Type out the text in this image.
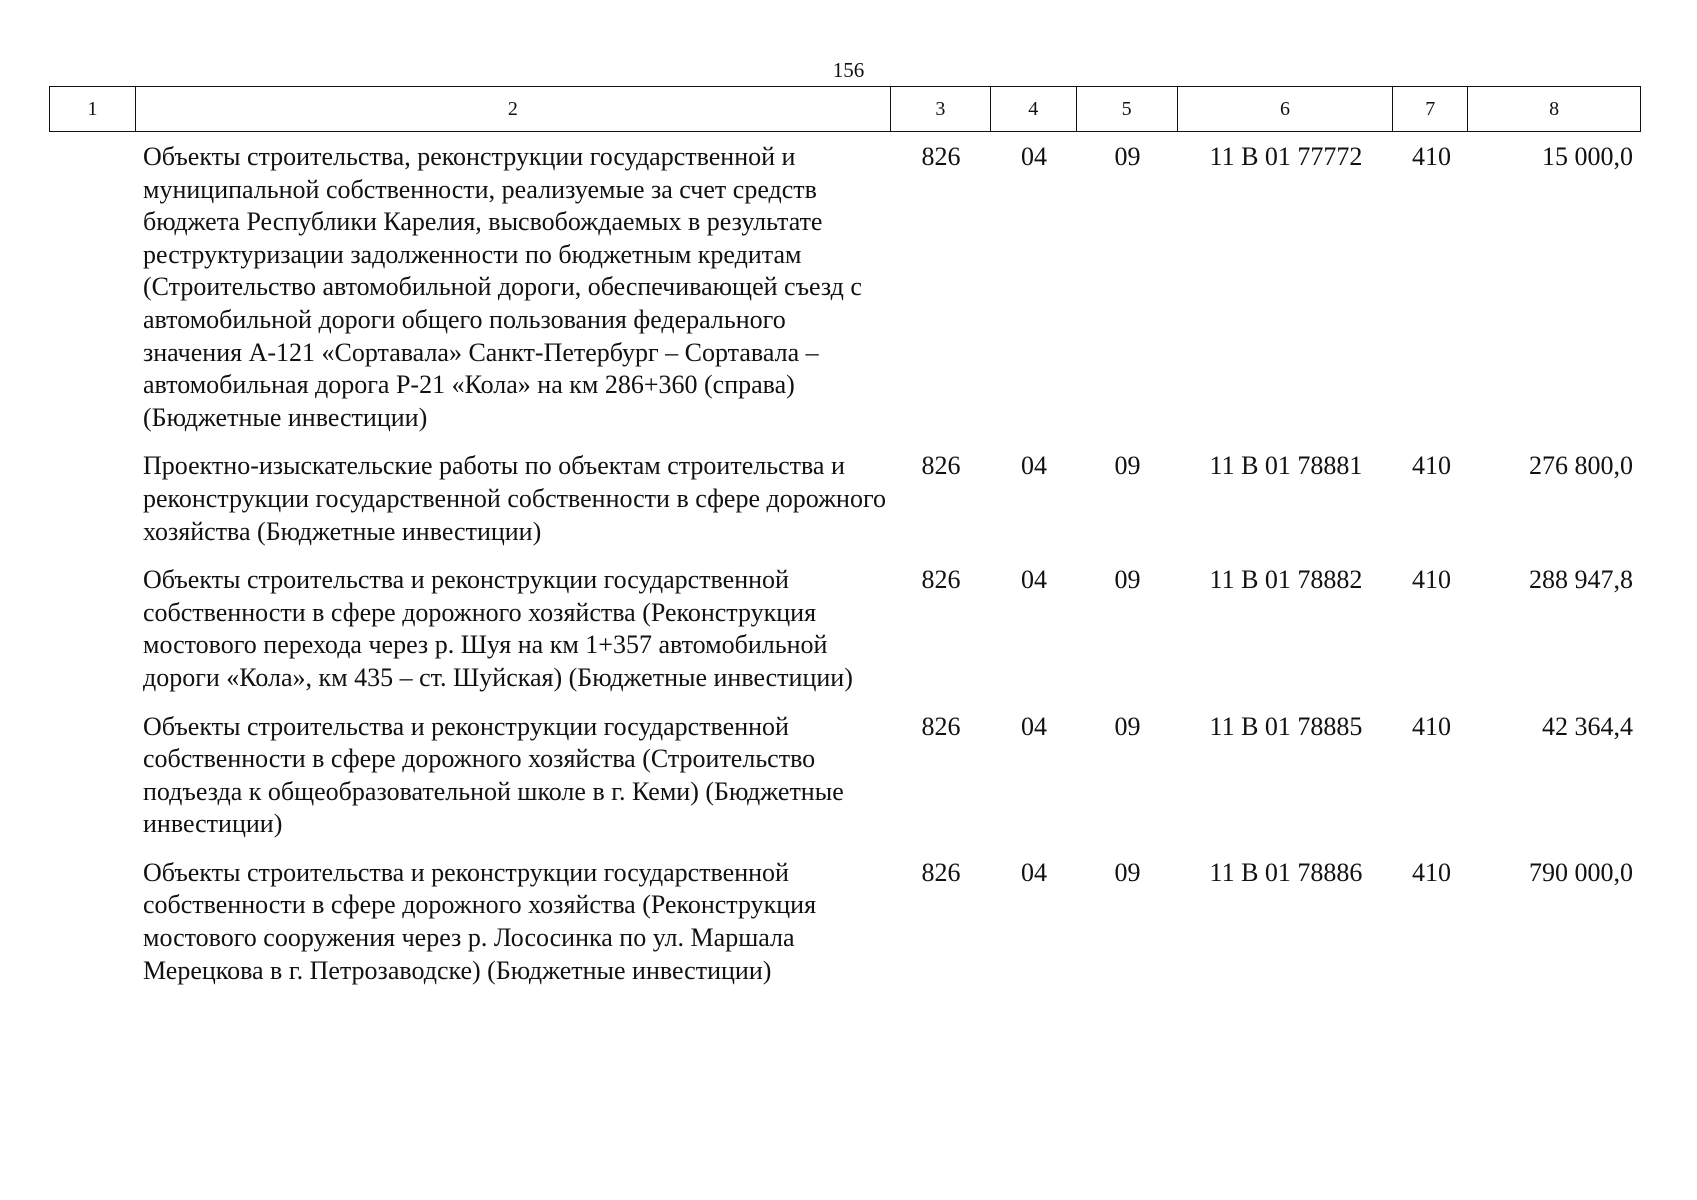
156
1	2	3	4	5	6	7	8
Объекты строительства, реконструкции государственной и муниципальной собственности, реализуемые за счет средств бюджета Республики Карелия, высвобождаемых в результате реструктуризации задолженности по бюджетным кредитам (Строительство автомобильной дороги, обеспечивающей съезд с автомобильной дороги общего пользования федерального значения А-121 «Сортавала» Санкт-Петербург – Сортавала – автомобильная дорога Р-21 «Кола» на км 286+360 (справа) (Бюджетные инвестиции)
826	04	09	11 В 01 77772	410	15 000,0
Проектно-изыскательские работы по объектам строительства и реконструкции государственной собственности в сфере дорожного хозяйства (Бюджетные инвестиции)
826	04	09	11 В 01 78881	410	276 800,0
Объекты строительства и реконструкции государственной собственности в сфере дорожного хозяйства (Реконструкция мостового перехода через р. Шуя на км 1+357 автомобильной дороги «Кола», км 435 – ст. Шуйская) (Бюджетные инвестиции)
826	04	09	11 В 01 78882	410	288 947,8
Объекты строительства и реконструкции государственной собственности в сфере дорожного хозяйства (Строительство подъезда к общеобразовательной школе в г. Кеми) (Бюджетные инвестиции)
826	04	09	11 В 01 78885	410	42 364,4
Объекты строительства и реконструкции государственной собственности в сфере дорожного хозяйства (Реконструкция мостового сооружения через р. Лососинка по ул. Маршала Мерецкова в г. Петрозаводске) (Бюджетные инвестиции)
826	04	09	11 В 01 78886	410	790 000,0
